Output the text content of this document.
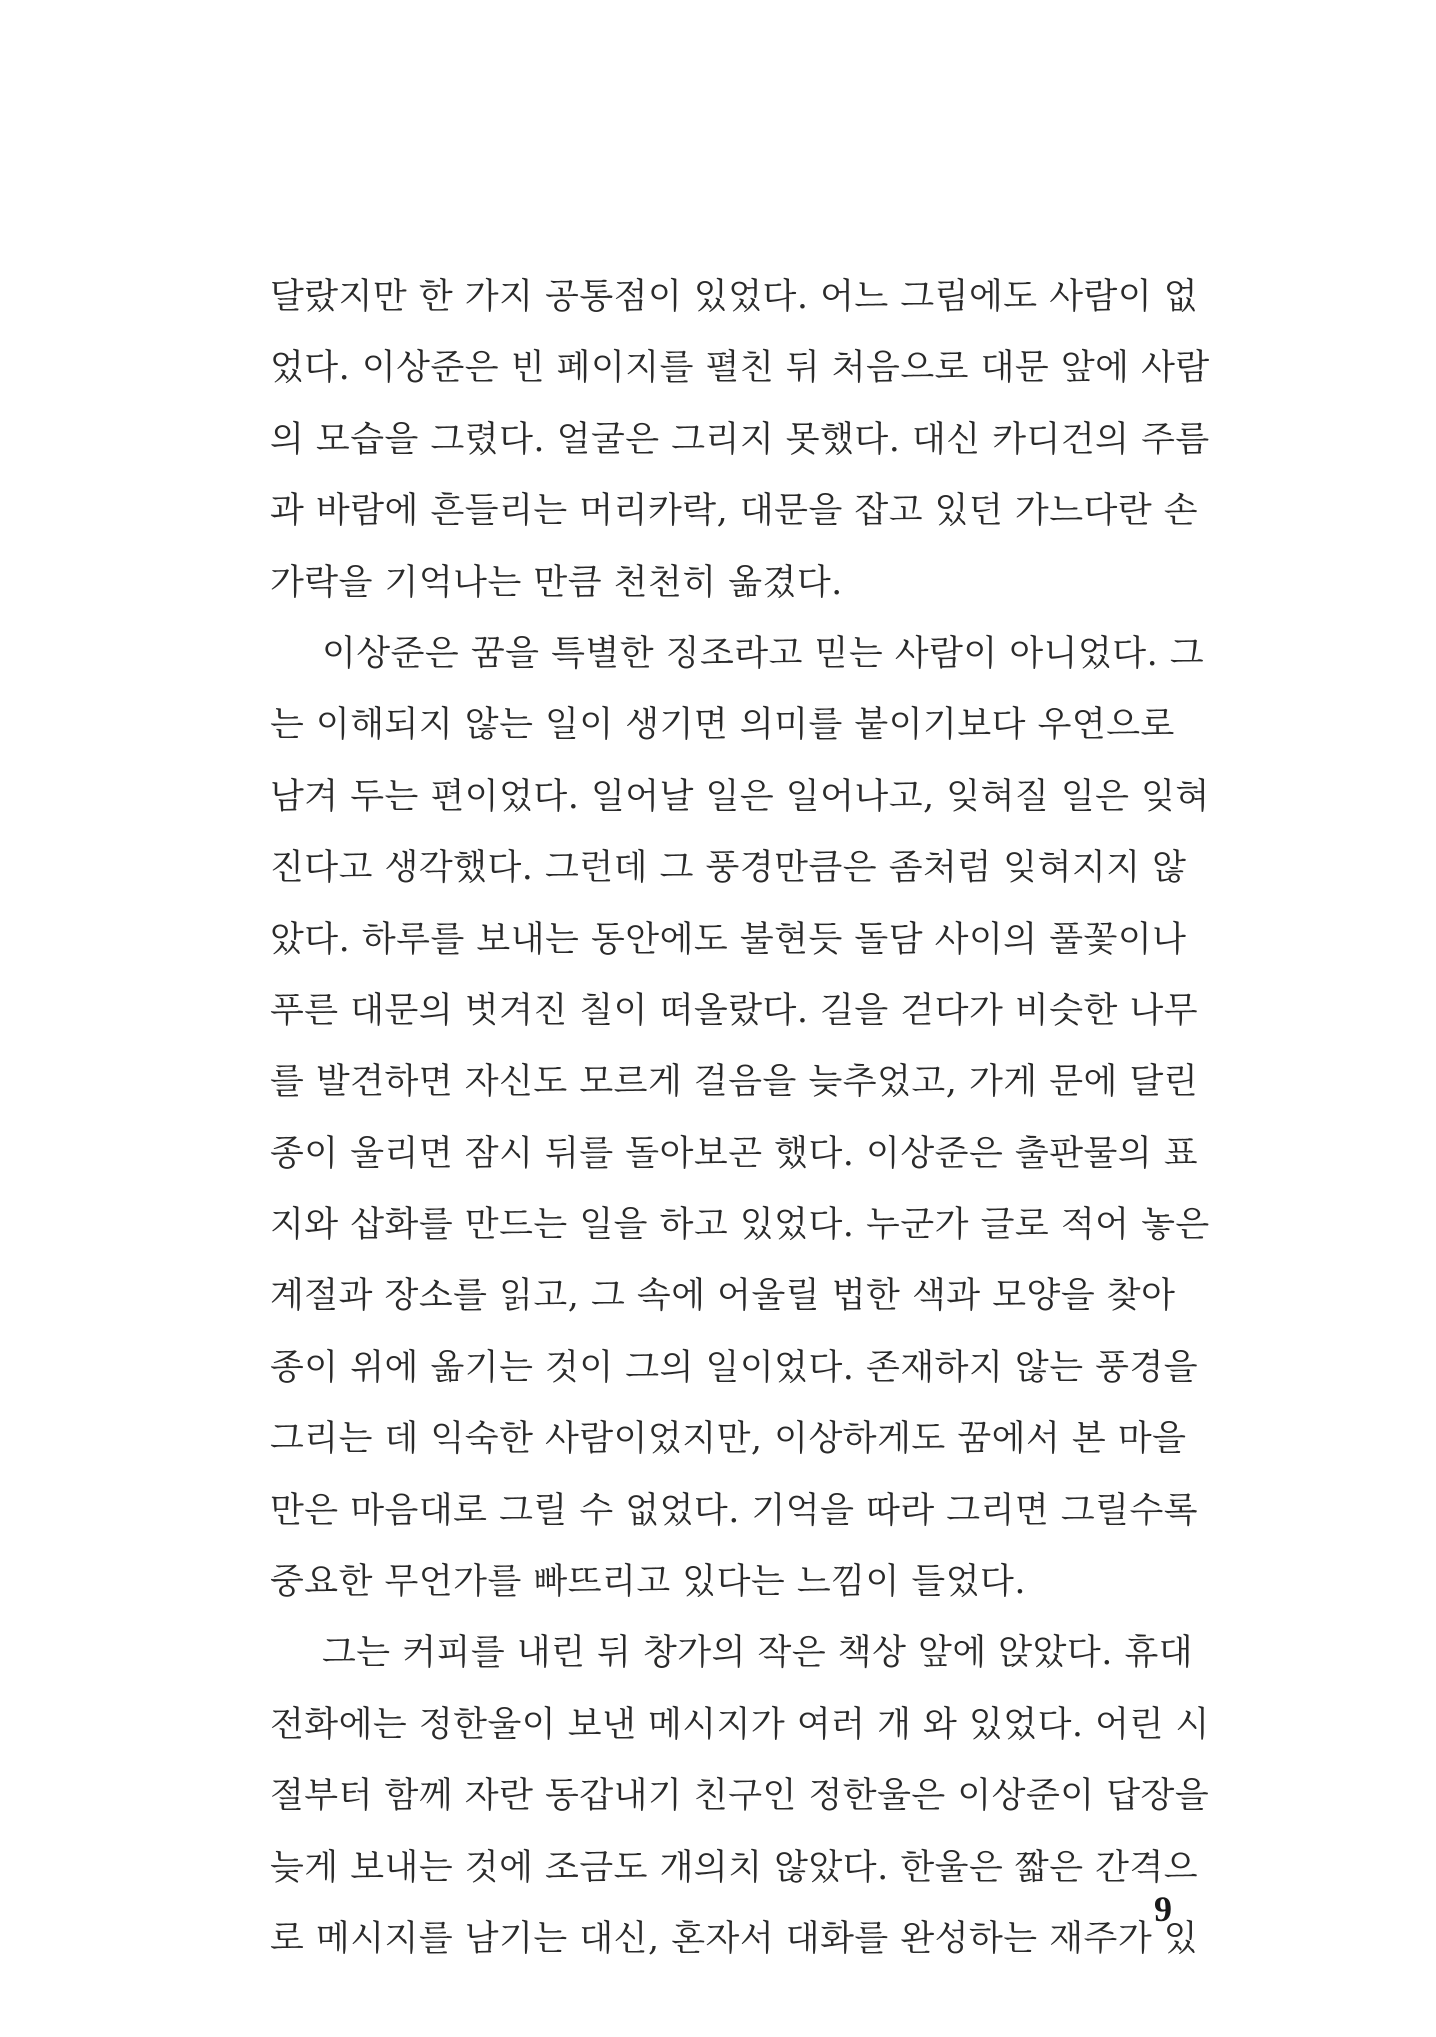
달랐지만 한 가지 공통점이 있었다. 어느 그림에도 사람이 없
었다. 이상준은 빈 페이지를 펼친 뒤 처음으로 대문 앞에 사람
의 모습을 그렸다. 얼굴은 그리지 못했다. 대신 카디건의 주름
과 바람에 흔들리는 머리카락, 대문을 잡고 있던 가느다란 손
가락을 기억나는 만큼 천천히 옮겼다.
이상준은 꿈을 특별한 징조라고 믿는 사람이 아니었다. 그
는 이해되지 않는 일이 생기면 의미를 붙이기보다 우연으로
남겨 두는 편이었다. 일어날 일은 일어나고, 잊혀질 일은 잊혀
진다고 생각했다. 그런데 그 풍경만큼은 좀처럼 잊혀지지 않
았다. 하루를 보내는 동안에도 불현듯 돌담 사이의 풀꽃이나
푸른 대문의 벗겨진 칠이 떠올랐다. 길을 걷다가 비슷한 나무
를 발견하면 자신도 모르게 걸음을 늦추었고, 가게 문에 달린
종이 울리면 잠시 뒤를 돌아보곤 했다. 이상준은 출판물의 표
지와 삽화를 만드는 일을 하고 있었다. 누군가 글로 적어 놓은
계절과 장소를 읽고, 그 속에 어울릴 법한 색과 모양을 찾아
종이 위에 옮기는 것이 그의 일이었다. 존재하지 않는 풍경을
그리는 데 익숙한 사람이었지만, 이상하게도 꿈에서 본 마을
만은 마음대로 그릴 수 없었다. 기억을 따라 그리면 그릴수록
중요한 무언가를 빠뜨리고 있다는 느낌이 들었다.
그는 커피를 내린 뒤 창가의 작은 책상 앞에 앉았다. 휴대
전화에는 정한울이 보낸 메시지가 여러 개 와 있었다. 어린 시
절부터 함께 자란 동갑내기 친구인 정한울은 이상준이 답장을
늦게 보내는 것에 조금도 개의치 않았다. 한울은 짧은 간격으
로 메시지를 남기는 대신, 혼자서 대화를 완성하는 재주가 있
9
